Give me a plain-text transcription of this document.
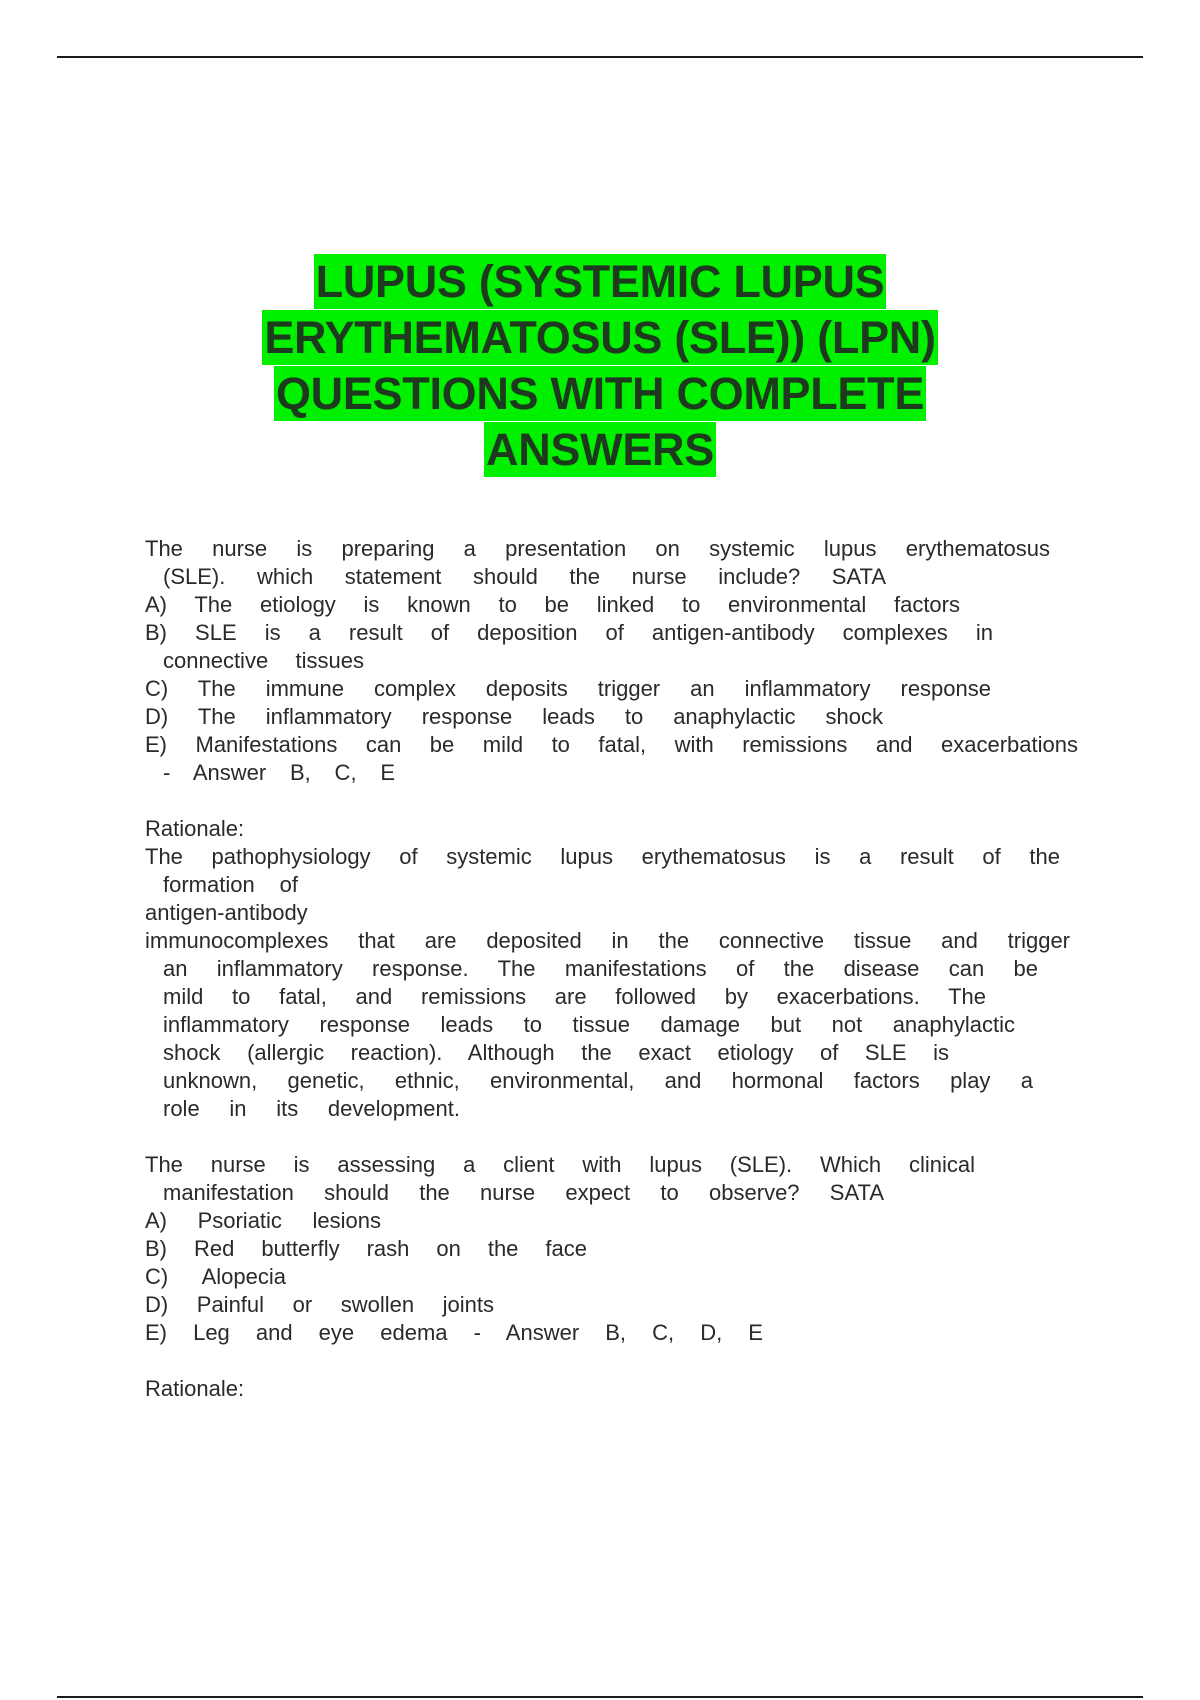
LUPUS (SYSTEMIC LUPUS
ERYTHEMATOSUS (SLE)) (LPN)
QUESTIONS WITH COMPLETE
ANSWERS
The nurse is preparing a presentation on systemic lupus erythematosus
(SLE). which statement should the nurse include? SATA
A) The etiology is known to be linked to environmental factors
B) SLE is a result of deposition of antigen-antibody complexes in
connective tissues
C) The immune complex deposits trigger an inflammatory response
D) The inflammatory response leads to anaphylactic shock
E) Manifestations can be mild to fatal, with remissions and exacerbations
- Answer B, C, E
Rationale:
The pathophysiology of systemic lupus erythematosus is a result of the
formation of
antigen-antibody
immunocomplexes that are deposited in the connective tissue and trigger
an inflammatory response. The manifestations of the disease can be
mild to fatal, and remissions are followed by exacerbations. The
inflammatory response leads to tissue damage but not anaphylactic
shock (allergic reaction). Although the exact etiology of SLE is
unknown, genetic, ethnic, environmental, and hormonal factors play a
role in its development.
The nurse is assessing a client with lupus (SLE). Which clinical
manifestation should the nurse expect to observe? SATA
A) Psoriatic lesions
B) Red butterfly rash on the face
C) Alopecia
D) Painful or swollen joints
E) Leg and eye edema - Answer B, C, D, E
Rationale:
